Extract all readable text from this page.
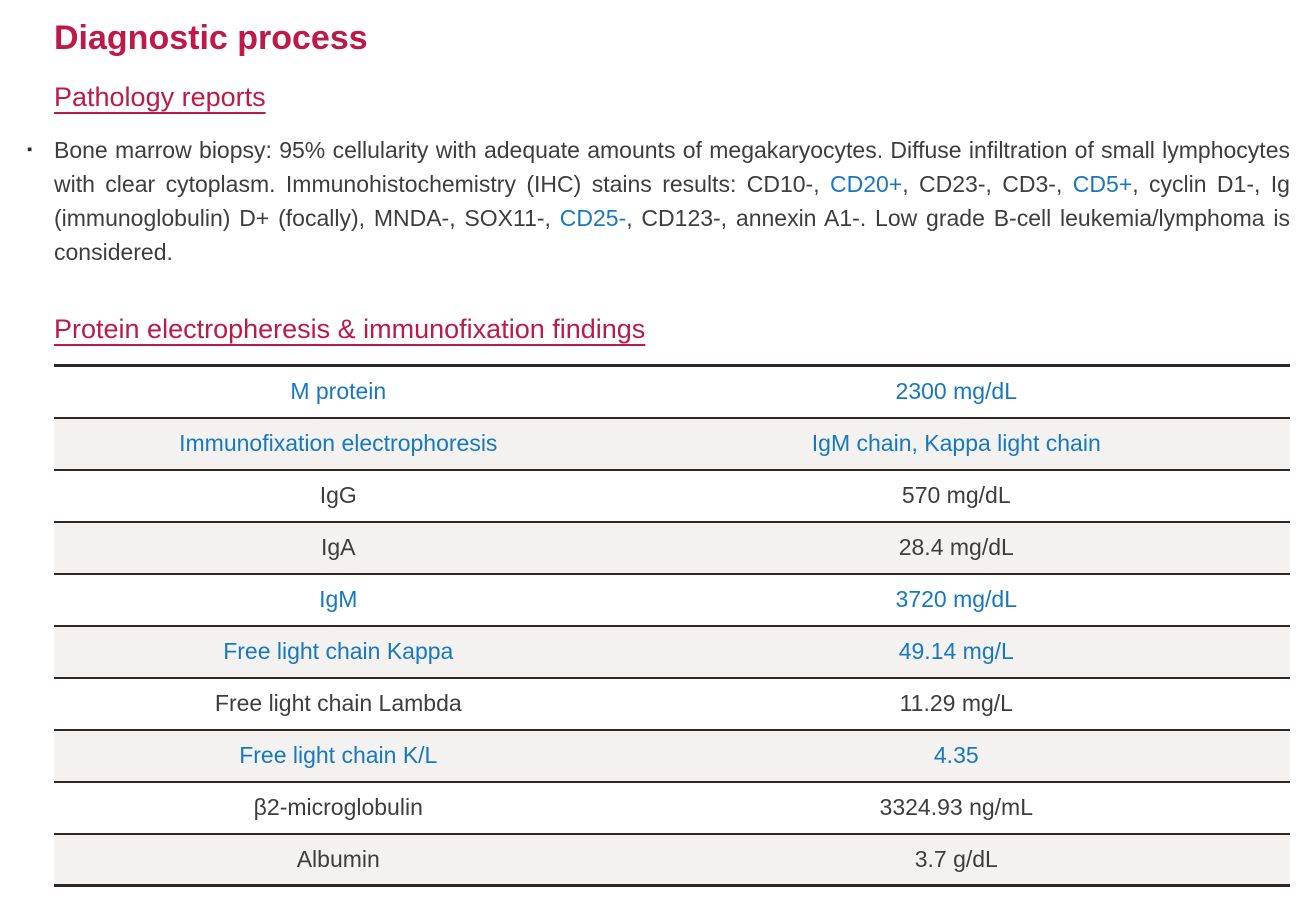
Diagnostic process
Pathology reports
▪ Bone marrow biopsy: 95% cellularity with adequate amounts of megakaryocytes. Diffuse infiltration of small lymphocytes with clear cytoplasm. Immunohistochemistry (IHC) stains results: CD10-, CD20+, CD23-, CD3-, CD5+, cyclin D1-, Ig (immunoglobulin) D+ (focally), MNDA-, SOX11-, CD25-, CD123-, annexin A1-. Low grade B-cell leukemia/lymphoma is considered.

Protein electropheresis & immunofixation findings
M protein	2300 mg/dL
Immunofixation electrophoresis	IgM chain, Kappa light chain
IgG	570 mg/dL
IgA	28.4 mg/dL
IgM	3720 mg/dL
Free light chain Kappa	49.14 mg/L
Free light chain Lambda	11.29 mg/L
Free light chain K/L	4.35
β2-microglobulin	3324.93 ng/mL
Albumin	3.7 g/dL
